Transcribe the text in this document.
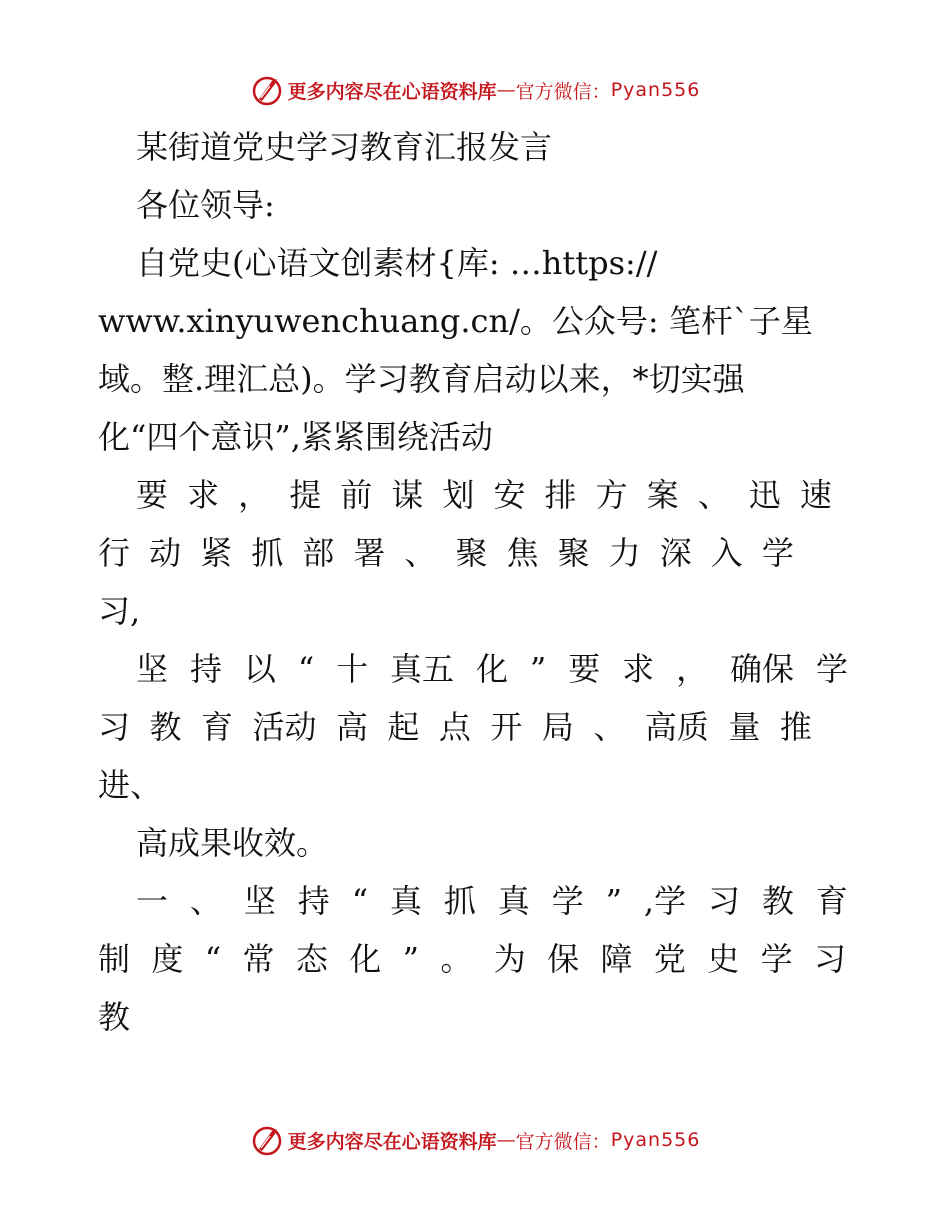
更多内容尽在心语资料库 — 官方微信： Pyan556
某街道党史学习教育汇报发言
各位领导:
自党史(心语文创素材{库: …https://
www.xinyuwenchuang.cn/。公众号: 笔杆`子星
域。整.理汇总)。学习教育启动以来，*切实强
化“四个意识”,紧紧围绕活动
要 求 ， 提 前 谋 划 安 排 方 案 、 迅 速
行 动 紧 抓 部 署 、 聚 焦 聚 力 深 入 学
习,
坚 持 以 “ 十 真五 化 ” 要 求 ， 确保 学
习 教 育 活动 高 起 点 开 局 、 高质 量 推
进、
高成果收效。
一 、 坚 持 “ 真 抓 真 学 ” ,学 习 教 育
制 度 “ 常 态 化 ” 。 为 保 障 党 史 学 习
教
更多内容尽在心语资料库 — 官方微信： Pyan556
